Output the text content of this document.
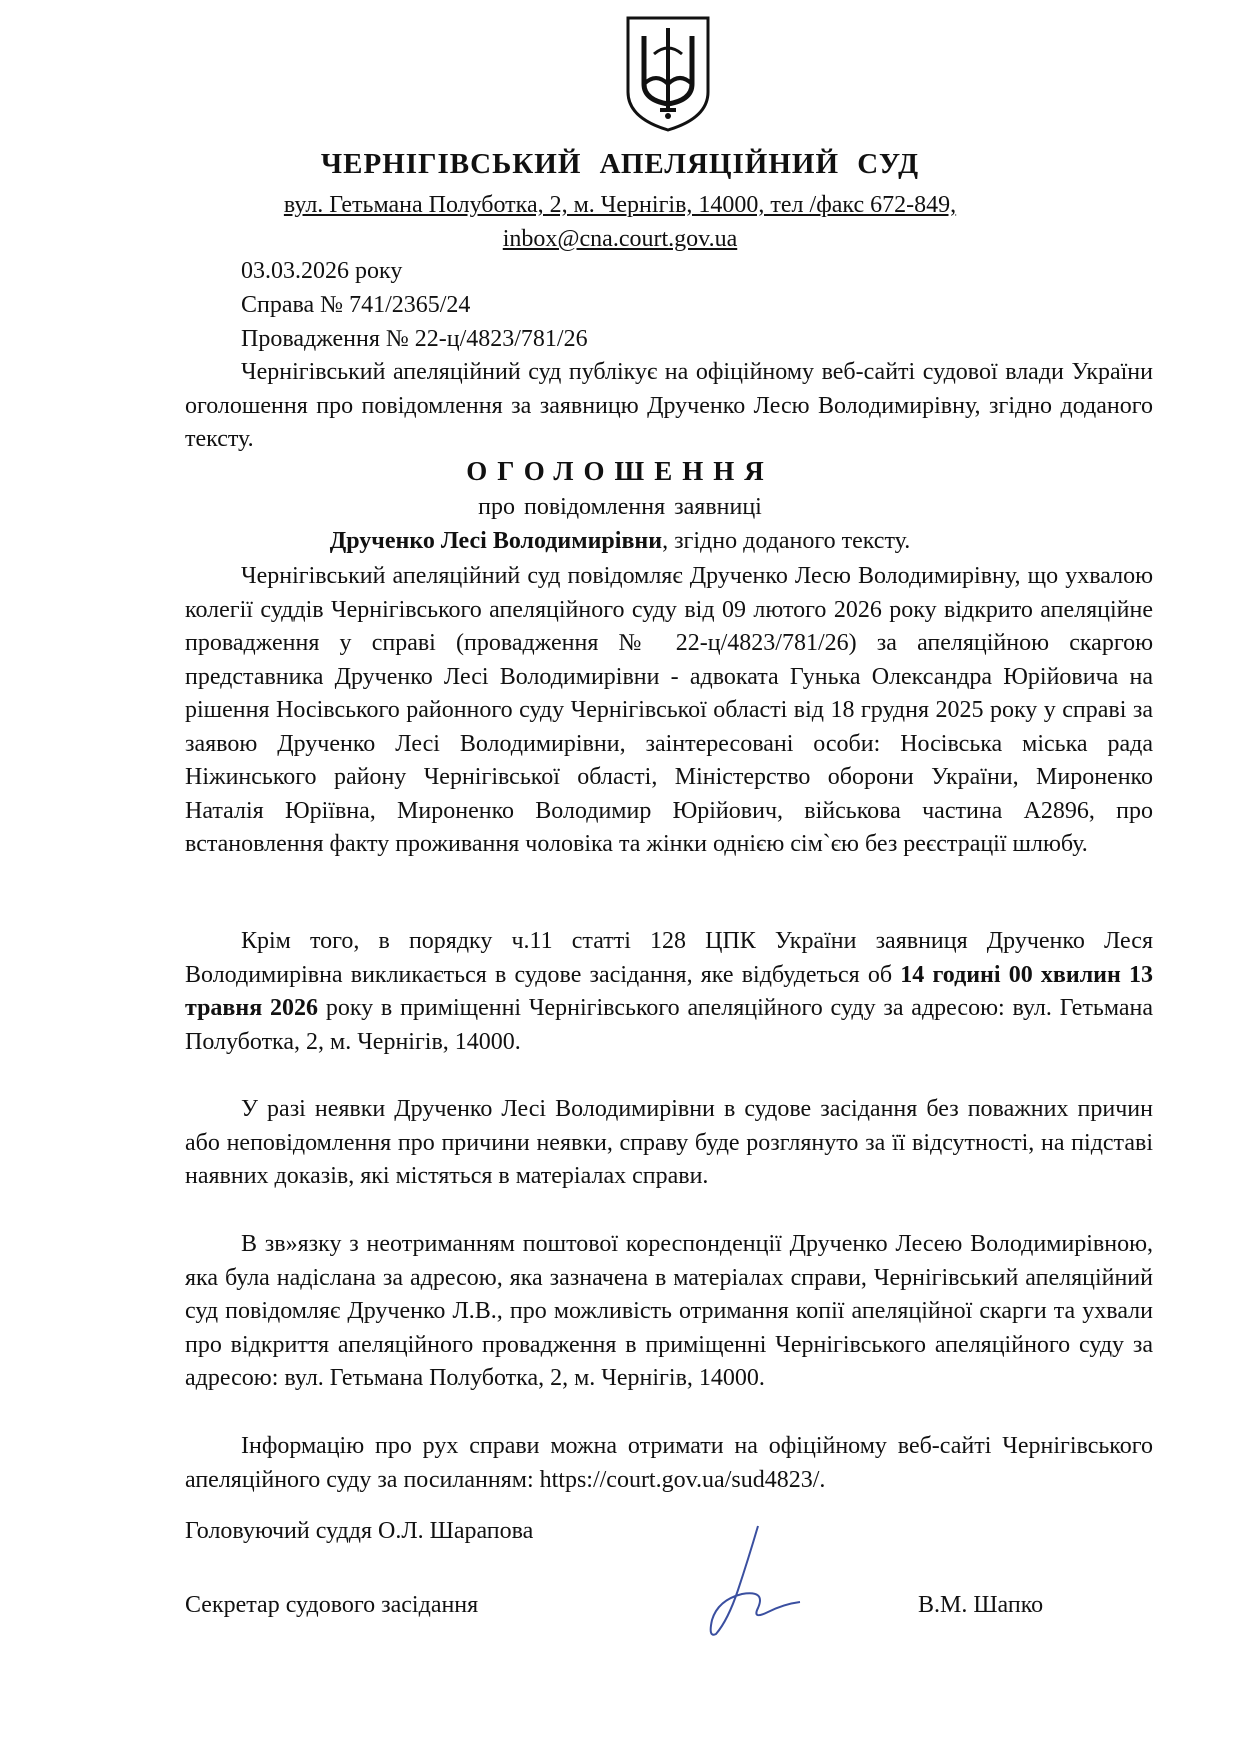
ЧЕРНІГІВСЬКИЙ АПЕЛЯЦІЙНИЙ СУД
вул. Гетьмана Полуботка, 2, м. Чернігів, 14000, тел /факс 672-849,
inbox@cna.court.gov.ua
03.03.2026 року
Справа № 741/2365/24
Провадження № 22-ц/4823/781/26

Чернігівський апеляційний суд публікує на офіційному веб-сайті судової влади України оголошення про повідомлення за заявницю Друченко Лесю Володимирівну, згідно доданого тексту.

ОГОЛОШЕННЯ
про повідомлення заявниці
Друченко Лесі Володимирівни, згідно доданого тексту.

Чернігівський апеляційний суд повідомляє Друченко Лесю Володимирівну, що ухвалою колегії суддів Чернігівського апеляційного суду від 09 лютого 2026 року відкрито апеляційне провадження у справі (провадження № 22-ц/4823/781/26) за апеляційною скаргою представника Друченко Лесі Володимирівни - адвоката Гунька Олександра Юрійовича на рішення Носівського районного суду Чернігівської області від 18 грудня 2025 року у справі за заявою Друченко Лесі Володимирівни, заінтересовані особи: Носівська міська рада Ніжинського району Чернігівської області, Міністерство оборони України, Мироненко Наталія Юріївна, Мироненко Володимир Юрійович, військова частина А2896, про встановлення факту проживання чоловіка та жінки однією сім`єю без реєстрації шлюбу.

Крім того, в порядку ч.11 статті 128 ЦПК України заявниця Друченко Леся Володимирівна викликається в судове засідання, яке відбудеться об 14 годині 00 хвилин 13 травня 2026 року в приміщенні Чернігівського апеляційного суду за адресою: вул. Гетьмана Полуботка, 2, м. Чернігів, 14000.

У разі неявки Друченко Лесі Володимирівни в судове засідання без поважних причин або неповідомлення про причини неявки, справу буде розглянуто за її відсутності, на підставі наявних доказів, які містяться в матеріалах справи.

В зв»язку з неотриманням поштової кореспонденції Друченко Лесею Володимирівною, яка була надіслана за адресою, яка зазначена в матеріалах справи, Чернігівський апеляційний суд повідомляє Друченко Л.В., про можливість отримання копії апеляційної скарги та ухвали про відкриття апеляційного провадження в приміщенні Чернігівського апеляційного суду за адресою: вул. Гетьмана Полуботка, 2, м. Чернігів, 14000.

Інформацію про рух справи можна отримати на офіційному веб-сайті Чернігівського апеляційного суду за посиланням: https://court.gov.ua/sud4823/.

Головуючий суддя О.Л. Шарапова
Секретар судового засідання	В.М. Шапко
